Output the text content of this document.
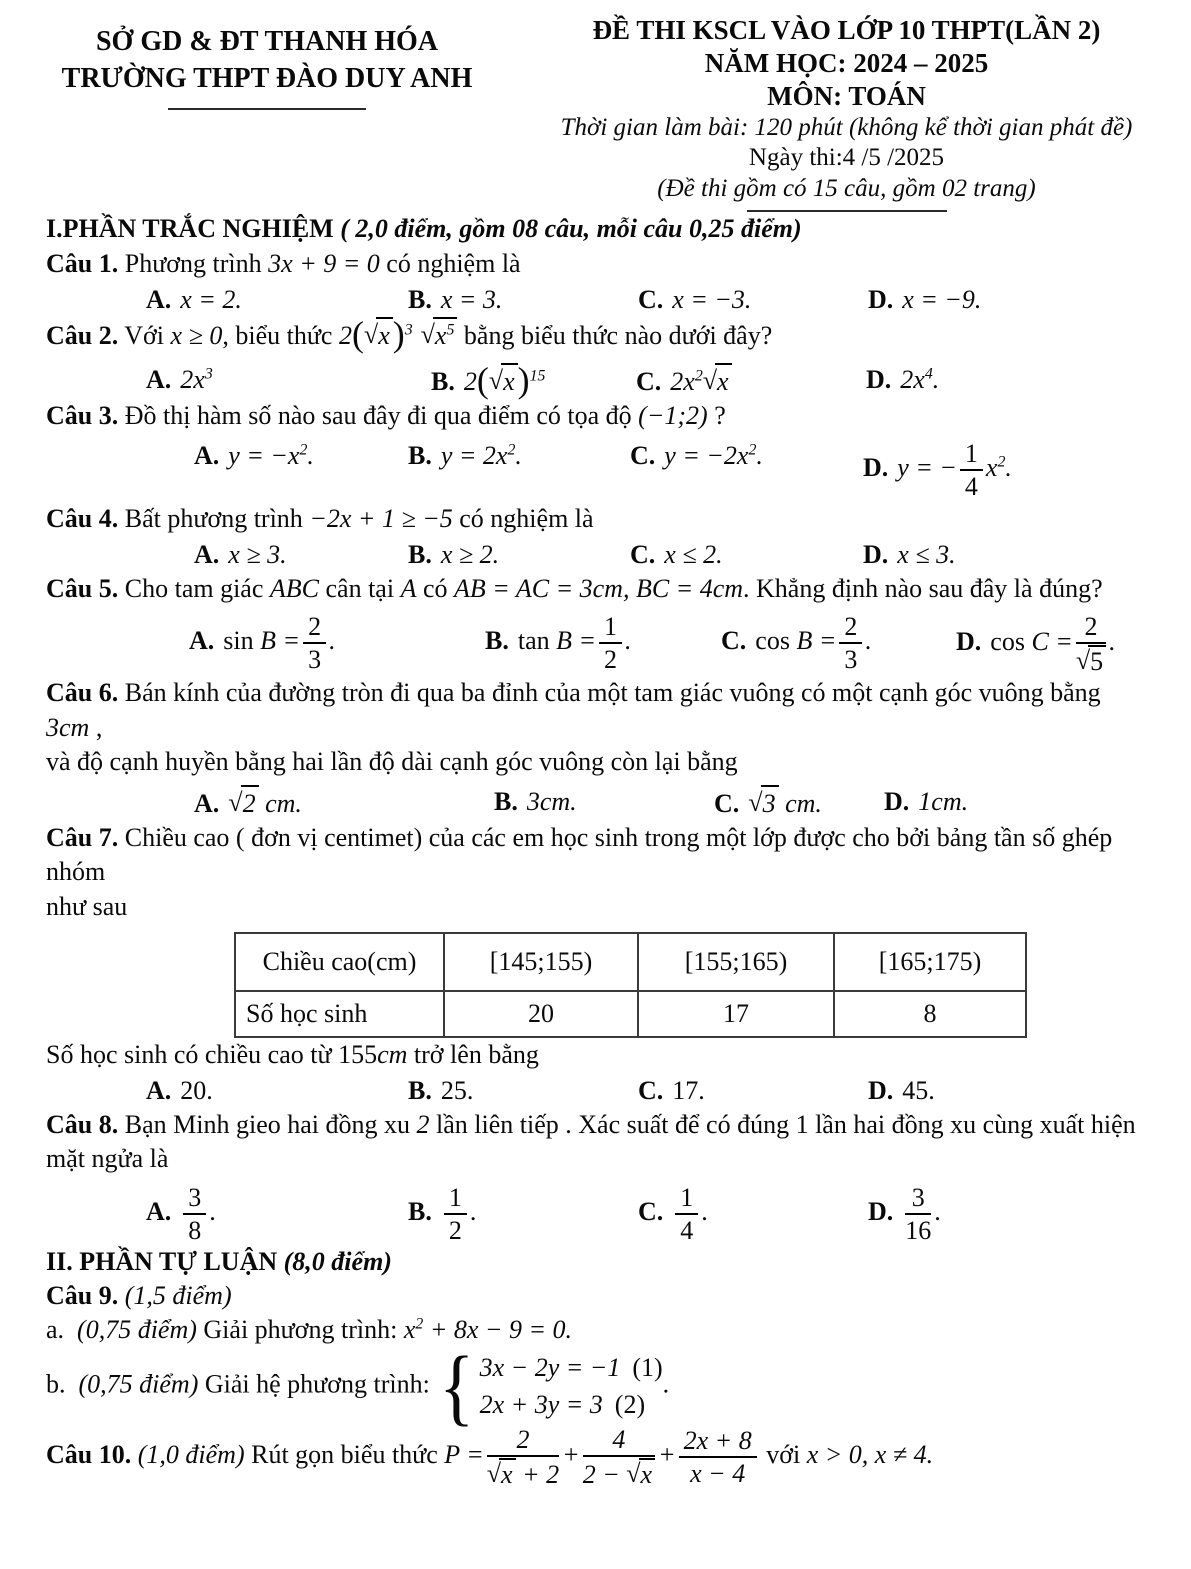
SỞ GD & ĐT THANH HÓA
TRƯỜNG THPT ĐÀO DUY ANH
ĐỀ THI KSCL VÀO LỚP 10 THPT(LẦN 2)
NĂM HỌC: 2024 – 2025
MÔN: TOÁN
Thời gian làm bài: 120 phút (không kể thời gian phát đề)
Ngày thi:4 /5 /2025
(Đề thi gồm có 15 câu, gồm 02 trang)

I.PHẦN TRẮC NGHIỆM ( 2,0 điểm, gồm 08 câu, mỗi câu 0,25 điểm)

Câu 1. Phương trình 3x + 9 = 0 có nghiệm là

A. x = 2.	B. x = 3.	C. x = −3.	D. x = −9.

Câu 2. Với x ≥ 0, biểu thức $2(√x)^3$ $√x^5$ bằng biểu thức nào dưới đây?

A. $2x^3$	B. $2(√x)^{15}$	C. $2x^2√x$	D. $2x^4$.

Câu 3. Đồ thị hàm số nào sau đây đi qua điểm có tọa độ (−1;2) ?

A. $y = -x^2$.	B. $y = 2x^2$.	C. $y = -2x^2$.	D. y = − $\frac{1}{4} x^2$.

Câu 4. Bất phương trình −2x + 1 ≥ −5 có nghiệm là

A. x ≥ 3.	B. x ≥ 2.	C. x ≤ 2.	D. x ≤ 3.

Câu 5. Cho tam giác ABC cân tại A có AB = AC = 3cm, BC = 4cm. Khẳng định nào sau đây là đúng?

A. $\sin B = \frac{2}{3}$ .	B. $\tan B = \frac{1}{2}$ .	C. $\cos B = \frac{2}{3}$ .	D. $\cos C = \frac{2}{√5}$ .

Câu 6. Bán kính của đường tròn đi qua ba đỉnh của một tam giác vuông có một cạnh góc vuông bằng 3cm ,
và độ cạnh huyền bằng hai lần độ dài cạnh góc vuông còn lại bằng

A. √2 cm.	B. 3cm.	C. √3 cm.	D. 1cm.

Câu 7. Chiều cao ( đơn vị centimet) của các em học sinh trong một lớp được cho bởi bảng tần số ghép nhóm
như sau

Chiều cao(cm)	[145;155)	[155;165)	[165;175)
Số học sinh	20	17	8

Số học sinh có chiều cao từ 155cm trở lên bằng

A. 20.	B. 25.	C. 17.	D. 45.

Câu 8. Bạn Minh gieo hai đồng xu 2 lần liên tiếp . Xác suất để có đúng 1 lần hai đồng xu cùng xuất hiện
mặt ngửa là

A. $\frac{3}{8}$ .	B. $\frac{1}{2}$ .	C. $\frac{1}{4}$ .	D. $\frac{3}{16}$ .

II. PHẦN TỰ LUẬN (8,0 điểm)

Câu 9. (1,5 điểm)

a. (0,75 điểm) Giải phương trình: $x^2 + 8x - 9 = 0$.

b. (0,75 điểm) Giải hệ phương trình: { 3x − 2y = −1 (1)
2x + 3y = 3 (2)
.

Câu 10. (1,0 điểm) Rút gọn biểu thức $P = \frac{2}{√x + 2} + \frac{4}{2 - √x} + \frac{2x + 8}{x - 4}$ với x > 0, x ≠ 4.
